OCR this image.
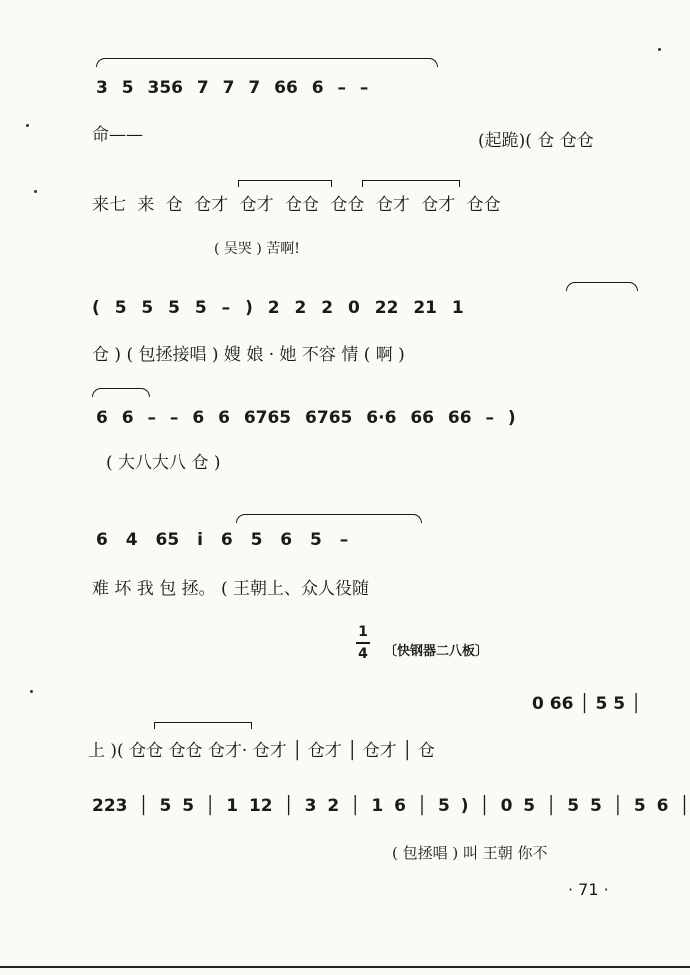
3 5 356 7 7 7 66 6 – –
命——	(起跪)( 仓 仓仓
来七 来 仓 仓才 仓才 仓仓 仓仓 仓才 仓才 仓仓
( 吴哭 ) 苦啊!
( 5 5 5 5 – ) 2 2 2 0 22 21 1
仓 ) ( 包拯接唱 ) 嫂 娘 · 她 不容 情 ( 啊 )
6 6 – – 6 6 6765 6765 6·6 66 66 – )
( 大八大八 仓 )
6 4 65 i 6 5 6 5 –
难 坏 我 包 拯。 ( 王朝上、众人役随
1
4 〔快钢器二八板〕
0 66 │ 5 5 │
上 )( 仓仓 仓仓 仓才· 仓才 │ 仓才 │ 仓才 │ 仓
223 │ 5 5 │ 1 12 │ 3 2 │ 1 6 │ 5 ) │ 0 5 │ 5 5 │ 5 6 │
( 包拯唱 ) 叫 王朝 你不
· 71 ·
